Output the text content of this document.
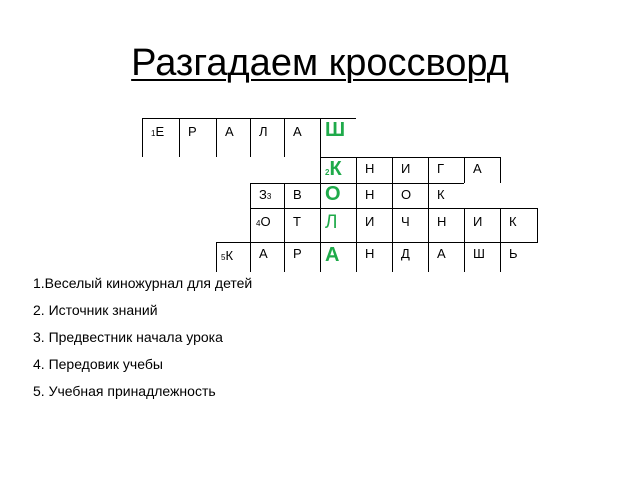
Разгадаем кроссворд
1Е Р А Л А Ш
2К Н И Г А
З3 В О Н О К
4О Т Л И Ч Н И К
5К А Р А Н Д А Ш Ь
1.Веселый киножурнал для детей
2. Источник знаний
3. Предвестник начала урока
4. Передовик учебы
5. Учебная принадлежность
